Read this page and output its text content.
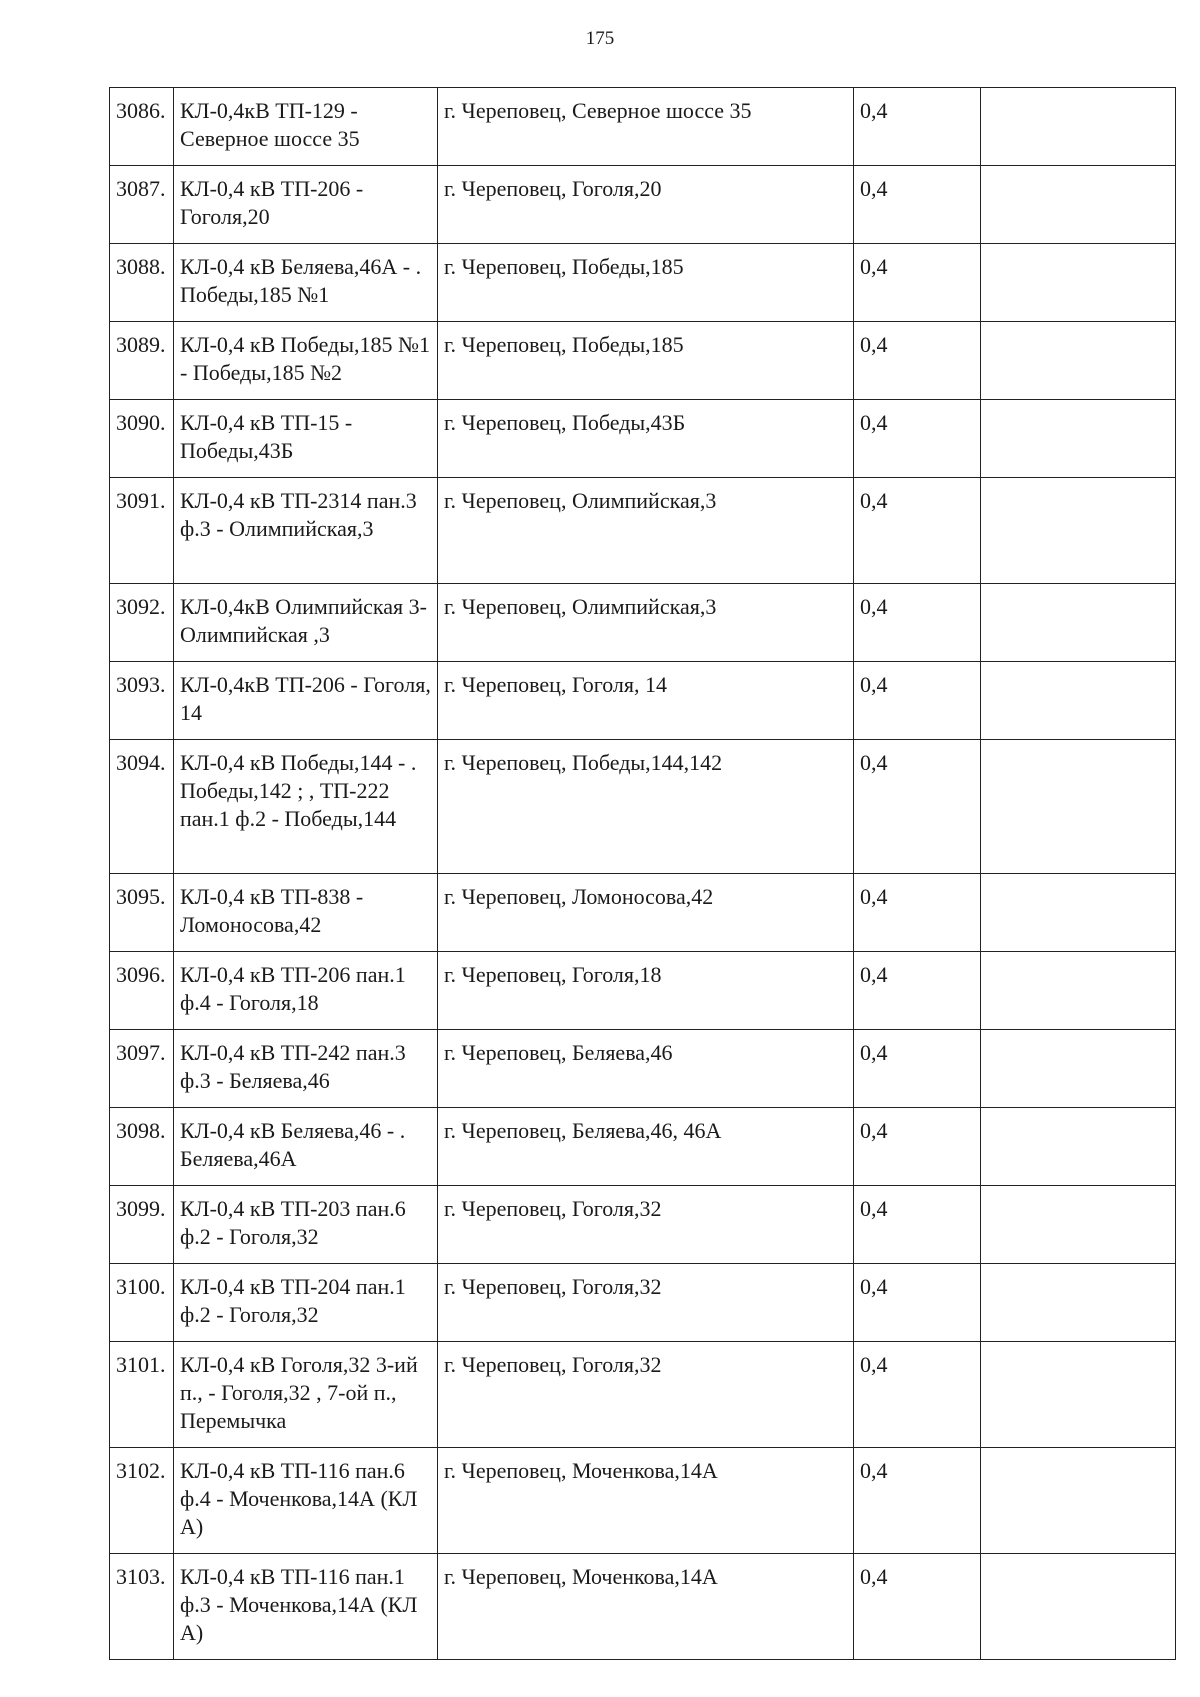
175
3086.	КЛ-0,4кВ ТП-129 - Северное шоссе 35	г. Череповец, Северное шоссе 35	0,4	
3087.	КЛ-0,4 кВ ТП-206 - Гоголя,20	г. Череповец, Гоголя,20	0,4	
3088.	КЛ-0,4 кВ Беляева,46А - . Победы,185 №1	г. Череповец, Победы,185	0,4	
3089.	КЛ-0,4 кВ Победы,185 №1 - Победы,185 №2	г. Череповец, Победы,185	0,4	
3090.	КЛ-0,4 кВ ТП-15 - Победы,43Б	г. Череповец, Победы,43Б	0,4	
3091.	КЛ-0,4 кВ ТП-2314 пан.3 ф.3 - Олимпийская,3	г. Череповец, Олимпийская,3	0,4	
3092.	КЛ-0,4кВ Олимпийская 3- Олимпийская ,3	г. Череповец, Олимпийская,3	0,4	
3093.	КЛ-0,4кВ ТП-206 - Гоголя, 14	г. Череповец, Гоголя, 14	0,4	
3094.	КЛ-0,4 кВ Победы,144 - . Победы,142 ; , ТП-222 пан.1 ф.2 - Победы,144	г. Череповец, Победы,144,142	0,4	
3095.	КЛ-0,4 кВ ТП-838 - Ломоносова,42	г. Череповец, Ломоносова,42	0,4	
3096.	КЛ-0,4 кВ ТП-206 пан.1 ф.4 - Гоголя,18	г. Череповец, Гоголя,18	0,4	
3097.	КЛ-0,4 кВ ТП-242 пан.3 ф.3 - Беляева,46	г. Череповец, Беляева,46	0,4	
3098.	КЛ-0,4 кВ Беляева,46 - . Беляева,46А	г. Череповец, Беляева,46, 46А	0,4	
3099.	КЛ-0,4 кВ ТП-203 пан.6 ф.2 - Гоголя,32	г. Череповец, Гоголя,32	0,4	
3100.	КЛ-0,4 кВ ТП-204 пан.1 ф.2 - Гоголя,32	г. Череповец, Гоголя,32	0,4	
3101.	КЛ-0,4 кВ Гоголя,32 3-ий п., - Гоголя,32 , 7-ой п., Перемычка	г. Череповец, Гоголя,32	0,4	
3102.	КЛ-0,4 кВ ТП-116 пан.6 ф.4 - Моченкова,14А (КЛ А)	г. Череповец, Моченкова,14А	0,4	
3103.	КЛ-0,4 кВ ТП-116 пан.1 ф.3 - Моченкова,14А (КЛ А)	г. Череповец, Моченкова,14А	0,4	
